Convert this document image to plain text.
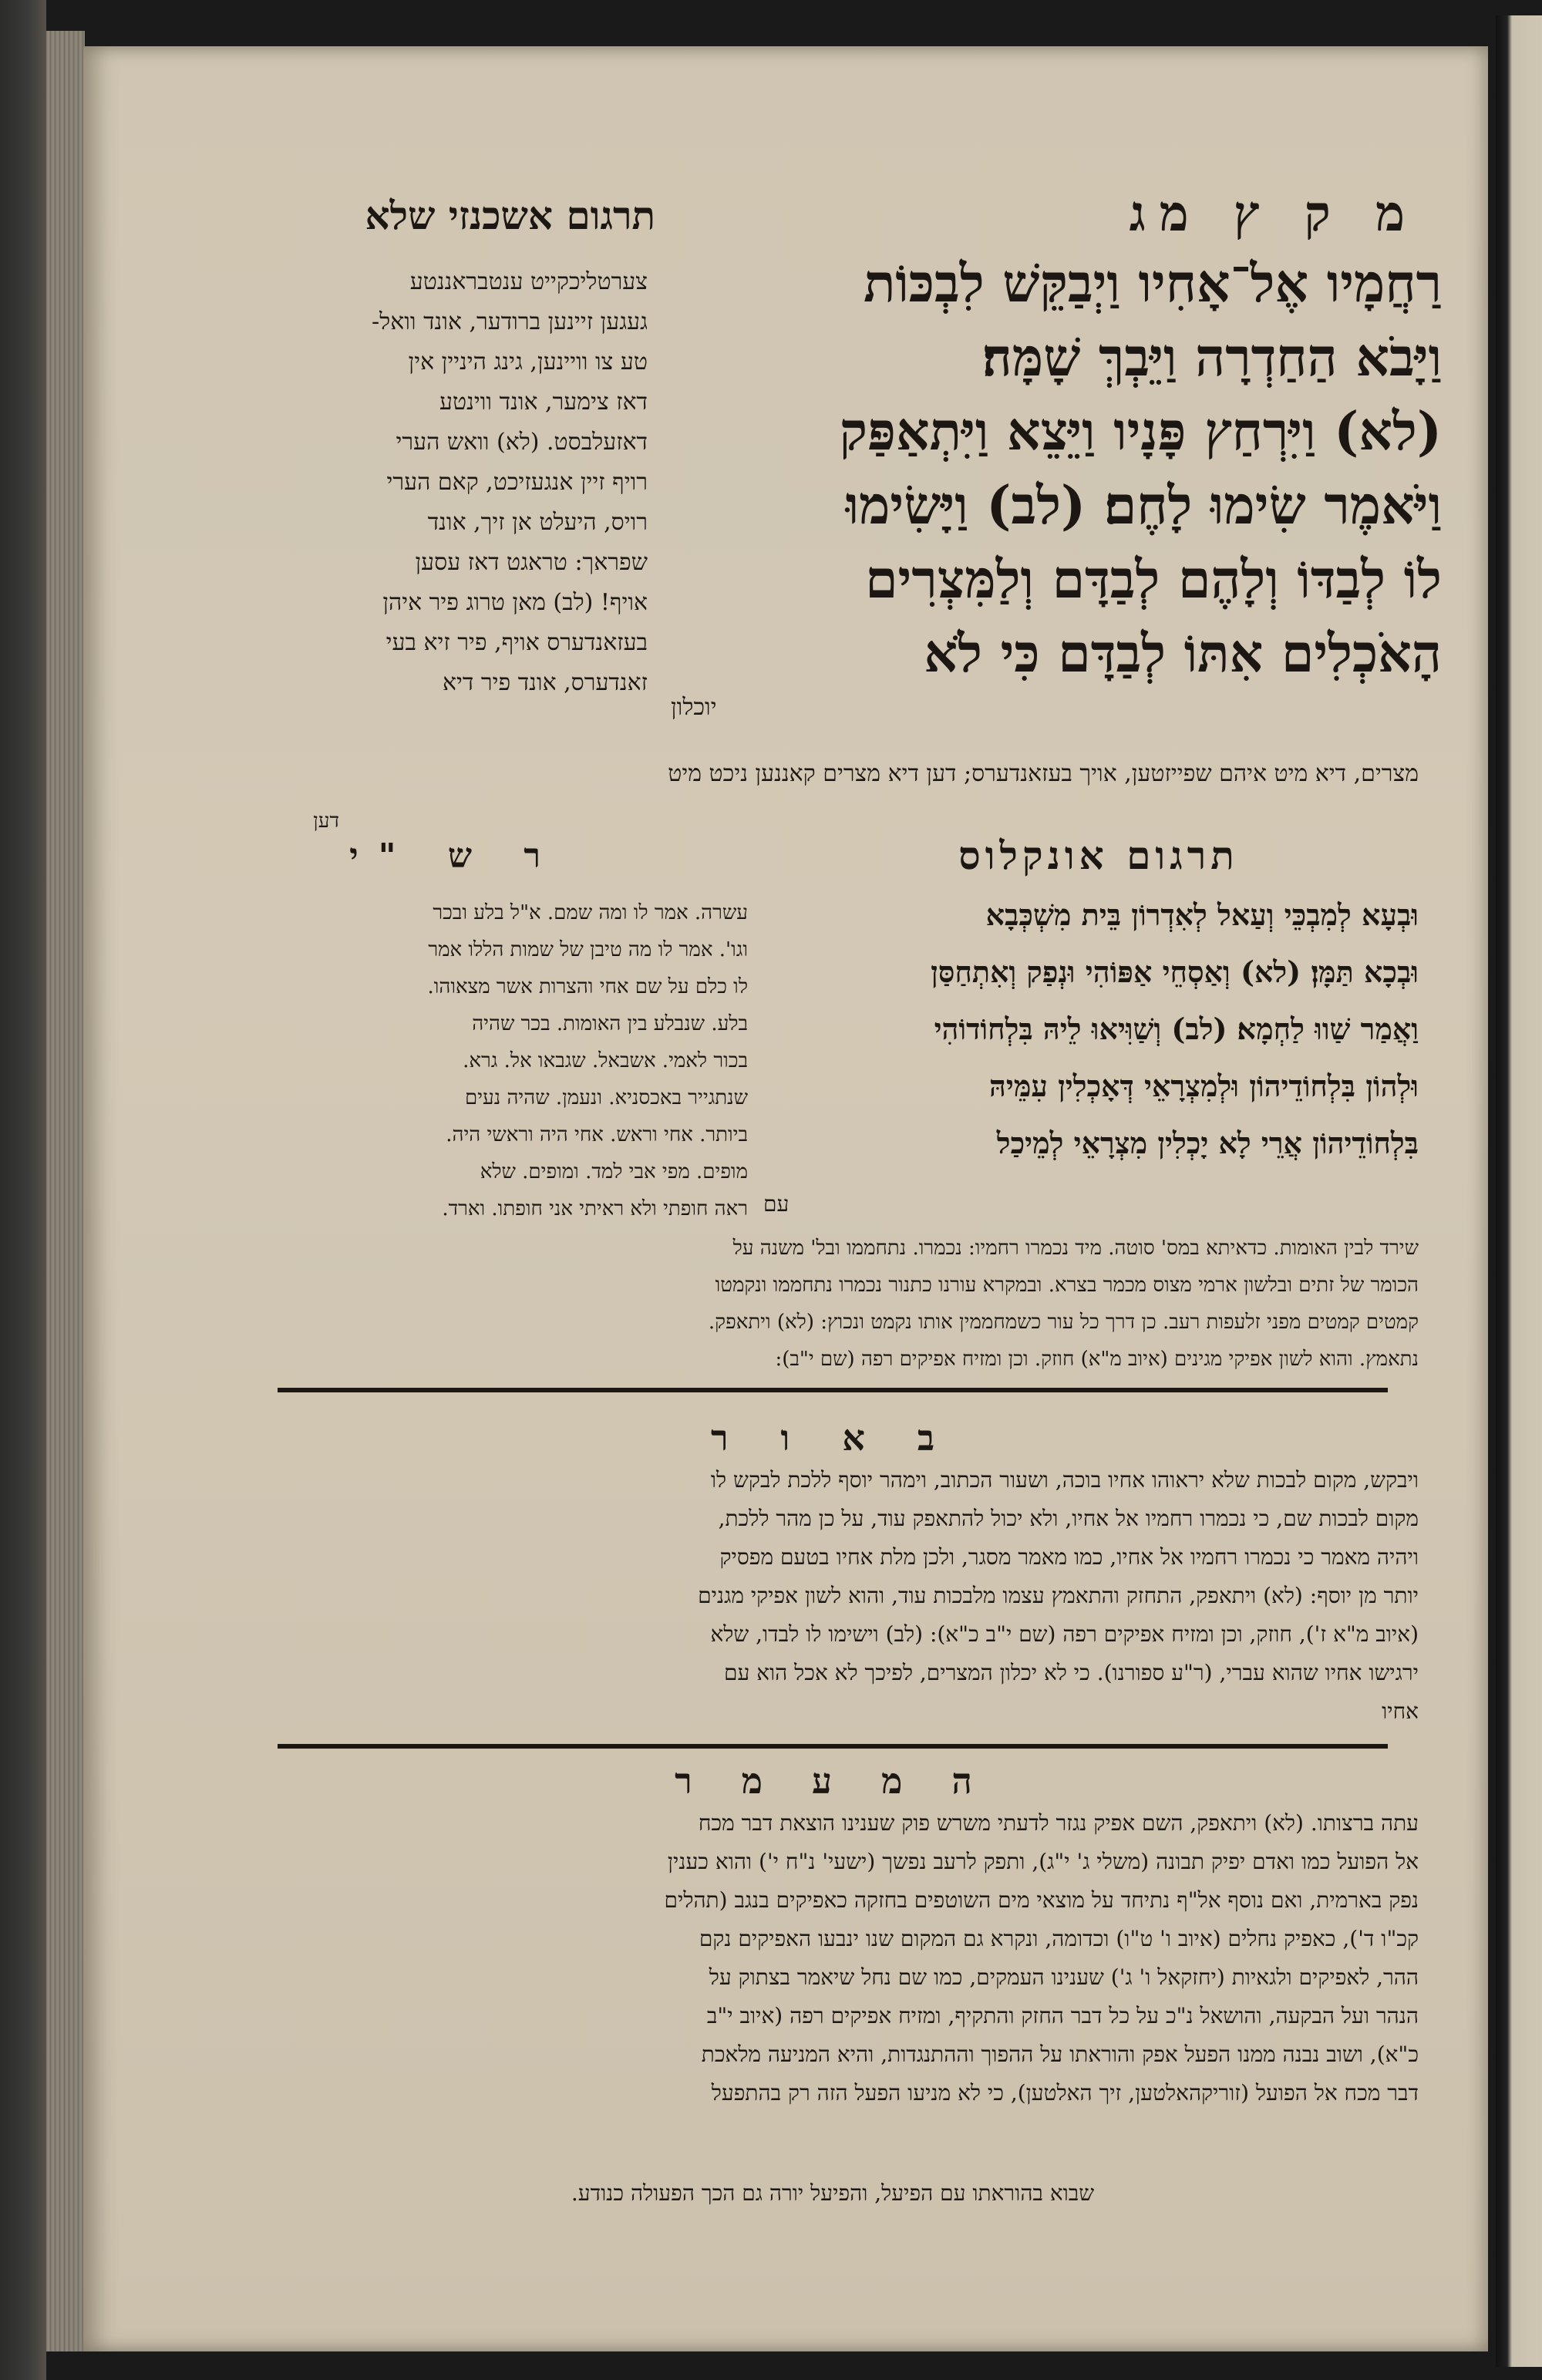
מ ק ץ מג
תרגום אשכנזי שלא
רַחֲמָיו אֶל־אָחִיו וַיְבַקֵּשׁ לִבְכּוֹת
וַיָּבֹא הַחַדְרָה וַיֵּבְךְּ שָׁמָּה׃
(לא) וַיִּרְחַץ פָּנָיו וַיֵּצֵא וַיִּתְאַפַּק
וַיֹּאמֶר שִׂימוּ לָחֶם׃ (לב) וַיָּשִׂימוּ
לוֹ לְבַדּוֹ וְלָהֶם לְבַדָּם וְלַמִּצְרִים
הָאֹכְלִים אִתּוֹ לְבַדָּם כִּי לֹא
יוכלון
צערטליכקייט ענטבראננטע
געגען זיינען ברודער, אונד וואל-
טע צו וויינען, גינג היניין אין
דאז צימער, אונד ווינטע
דאזעלבסט. (לא) וואש הערי
רויף זיין אנגעזיכט, קאם הערי
רויס, היעלט אן זיך, אונד
שפראך: טראגט דאז עסען
אויף! (לב) מאן טרוג פיר איהן
בעזאנדערס אויף, פיר זיא בעי
זאנדערס, אונד פיר דיא
מצרים, דיא מיט איהם שפייזטען, אויך בעזאנדערס; דען דיא מצרים קאננען ניכט מיט
דען
תרגום אונקלוס
וּבְעָא לְמִבְכֵּי וְעַאל לְאִדְרוֹן בֵּית מִשְׁכְּבָא
וּבְכָא תַּמָּן׃ (לא) וְאַסְחֵי אַפּוֹהִי וּנְפַק וְאִתְחַסַּן
וַאֲמַר שַׁווּ לַחְמָא׃ (לב) וְשַׁוִּיאוּ לֵיהּ בִּלְחוֹדוֹהִי
וּלְהוֹן בִּלְחוֹדֵיהוֹן וּלְמִצְרָאֵי דְּאָכְלִין עִמֵּיהּ
בִּלְחוֹדֵיהוֹן אֲרֵי לָא יָכְלִין מִצְרָאֵי לְמֵיכַל
עם
ר ש "י
עשרה. אמר לו ומה שמם. א"ל בלע ובכר
וגו'. אמר לו מה טיבן של שמות הללו אמר
לו כלם על שם אחי והצרות אשר מצאוהו.
בלע. שנבלע בין האומות. בכר שהיה
בכור לאמי. אשבאל. שגבאו אל. גרא.
שנתגייר באכסניא. ונעמן. שהיה נעים
ביותר. אחי וראש. אחי היה וראשי היה.
מופים. מפי אבי למד. ומופים. שלא
ראה חופתי ולא ראיתי אני חופתו. וארד.
שירד לבין האומות. כדאיתא במס' סוטה. מיד נכמרו רחמיו: נכמרו. נתחממו ובל' משנה על
הכומר של זתים ובלשון ארמי מצוס מכמר בצרא. ובמקרא עורנו כתנור נכמרו נתחממו ונקמטו
קמטים קמטים מפני זלעפות רעב. כן דרך כל עור כשמחממין אותו נקמט ונכוץ: (לא) ויתאפק.
נתאמץ. והוא לשון אפיקי מגינים (איוב מ"א) חוזק. וכן ומזיח אפיקים רפה (שם י"ב):
ב א ו ר
ויבקש, מקום לבכות שלא יראוהו אחיו בוכה, ושעור הכתוב, וימהר יוסף ללכת לבקש לו
מקום לבכות שם, כי נכמרו רחמיו אל אחיו, ולא יכול להתאפק עוד, על כן מהר ללכת,
ויהיה מאמר כי נכמרו רחמיו אל אחיו, כמו מאמר מסגר, ולכן מלת אחיו בטעם מפסיק
יותר מן יוסף: (לא) ויתאפק, התחזק והתאמץ עצמו מלבכות עוד, והוא לשון אפיקי מגנים
(איוב מ"א ז'), חוזק, וכן ומזיח אפיקים רפה (שם י"ב כ"א): (לב) וישימו לו לבדו, שלא
ירגישו אחיו שהוא עברי, (ר"ע ספורנו). כי לא יכלון המצרים, לפיכך לא אכל הוא עם
אחיו
ה מ ע מ ר
עתה ברצותו. (לא) ויתאפק, השם אפיק נגזר לדעתי משרש פוק שענינו הוצאת דבר מכח
אל הפועל כמו ואדם יפיק תבונה (משלי ג' י"ג), ותפק לרעב נפשך (ישעי' נ"ח י') והוא כענין
נפק בארמית, ואם נוסף אל"ף נתיחד על מוצאי מים השוטפים בחזקה כאפיקים בנגב (תהלים
קכ"ו ד'), כאפיק נחלים (איוב ו' ט"ו) וכדומה, ונקרא גם המקום שנו ינבעו האפיקים נקם
ההר, לאפיקים ולגאיות (יחזקאל ו' ג') שענינו העמקים, כמו שם נחל שיאמר בצתוק על
הנהר ועל הבקעה, והושאל נ"כ על כל דבר החזק והתקיף, ומזיח אפיקים רפה (איוב י"ב
כ"א), ושוב נבנה ממנו הפעל אפק והוראתו על ההפוך וההתנגדות, והיא המניעה מלאכת
דבר מכח אל הפועל (זוריקהאלטען, זיך האלטען), כי לא מניעו הפעל הזה רק בהתפעל
שבוא בהוראתו עם הפיעל, והפיעל יורה גם הכך הפעולה כנודע.
